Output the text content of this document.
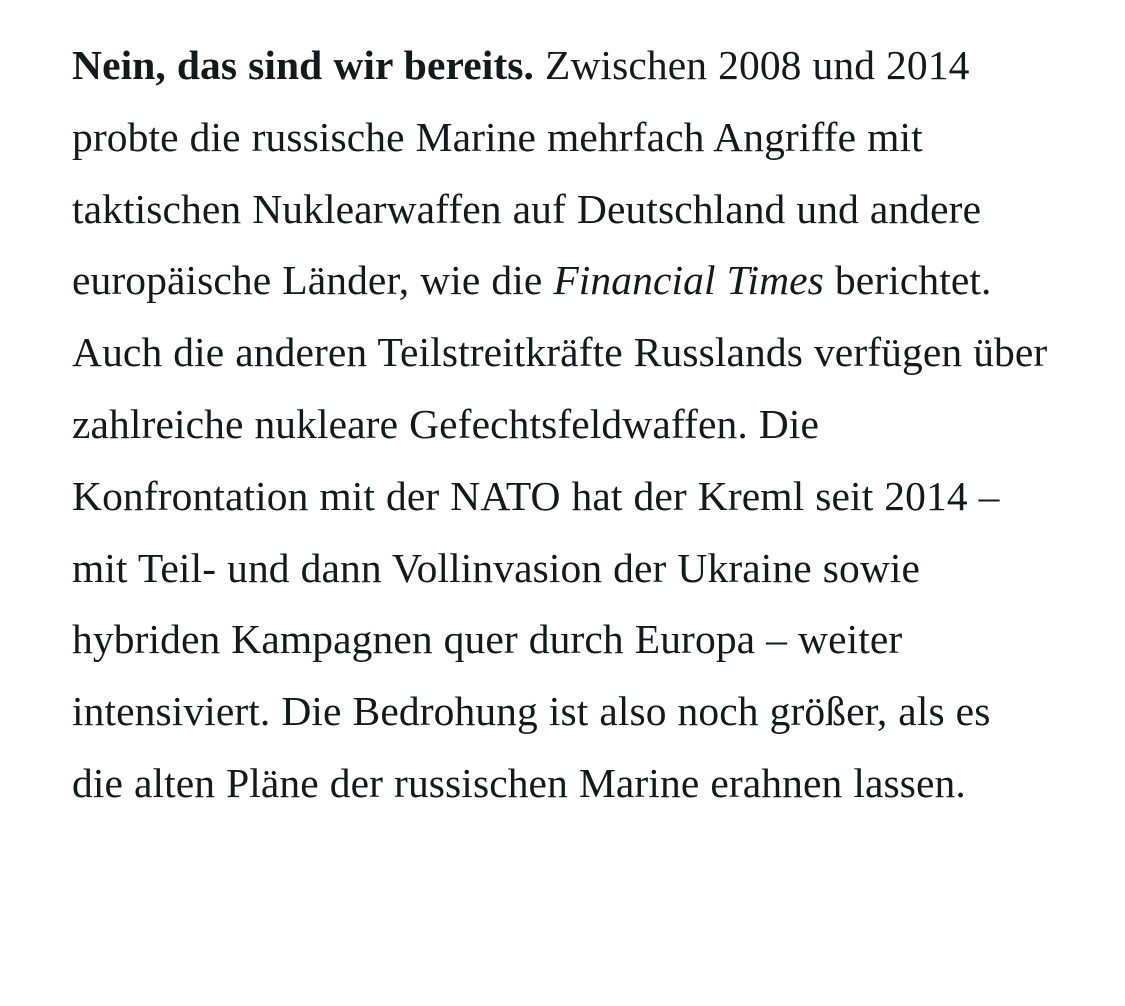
Nein, das sind wir bereits. Zwischen 2008 und 2014 probte die russische Marine mehrfach Angriffe mit taktischen Nuklearwaffen auf Deutschland und andere europäische Länder, wie die Financial Times berichtet. Auch die anderen Teilstreitkräfte Russlands verfügen über zahlreiche nukleare Gefechtsfeldwaffen. Die Konfrontation mit der NATO hat der Kreml seit 2014 – mit Teil- und dann Vollinvasion der Ukraine sowie hybriden Kampagnen quer durch Europa – weiter intensiviert. Die Bedrohung ist also noch größer, als es die alten Pläne der russischen Marine erahnen lassen.
